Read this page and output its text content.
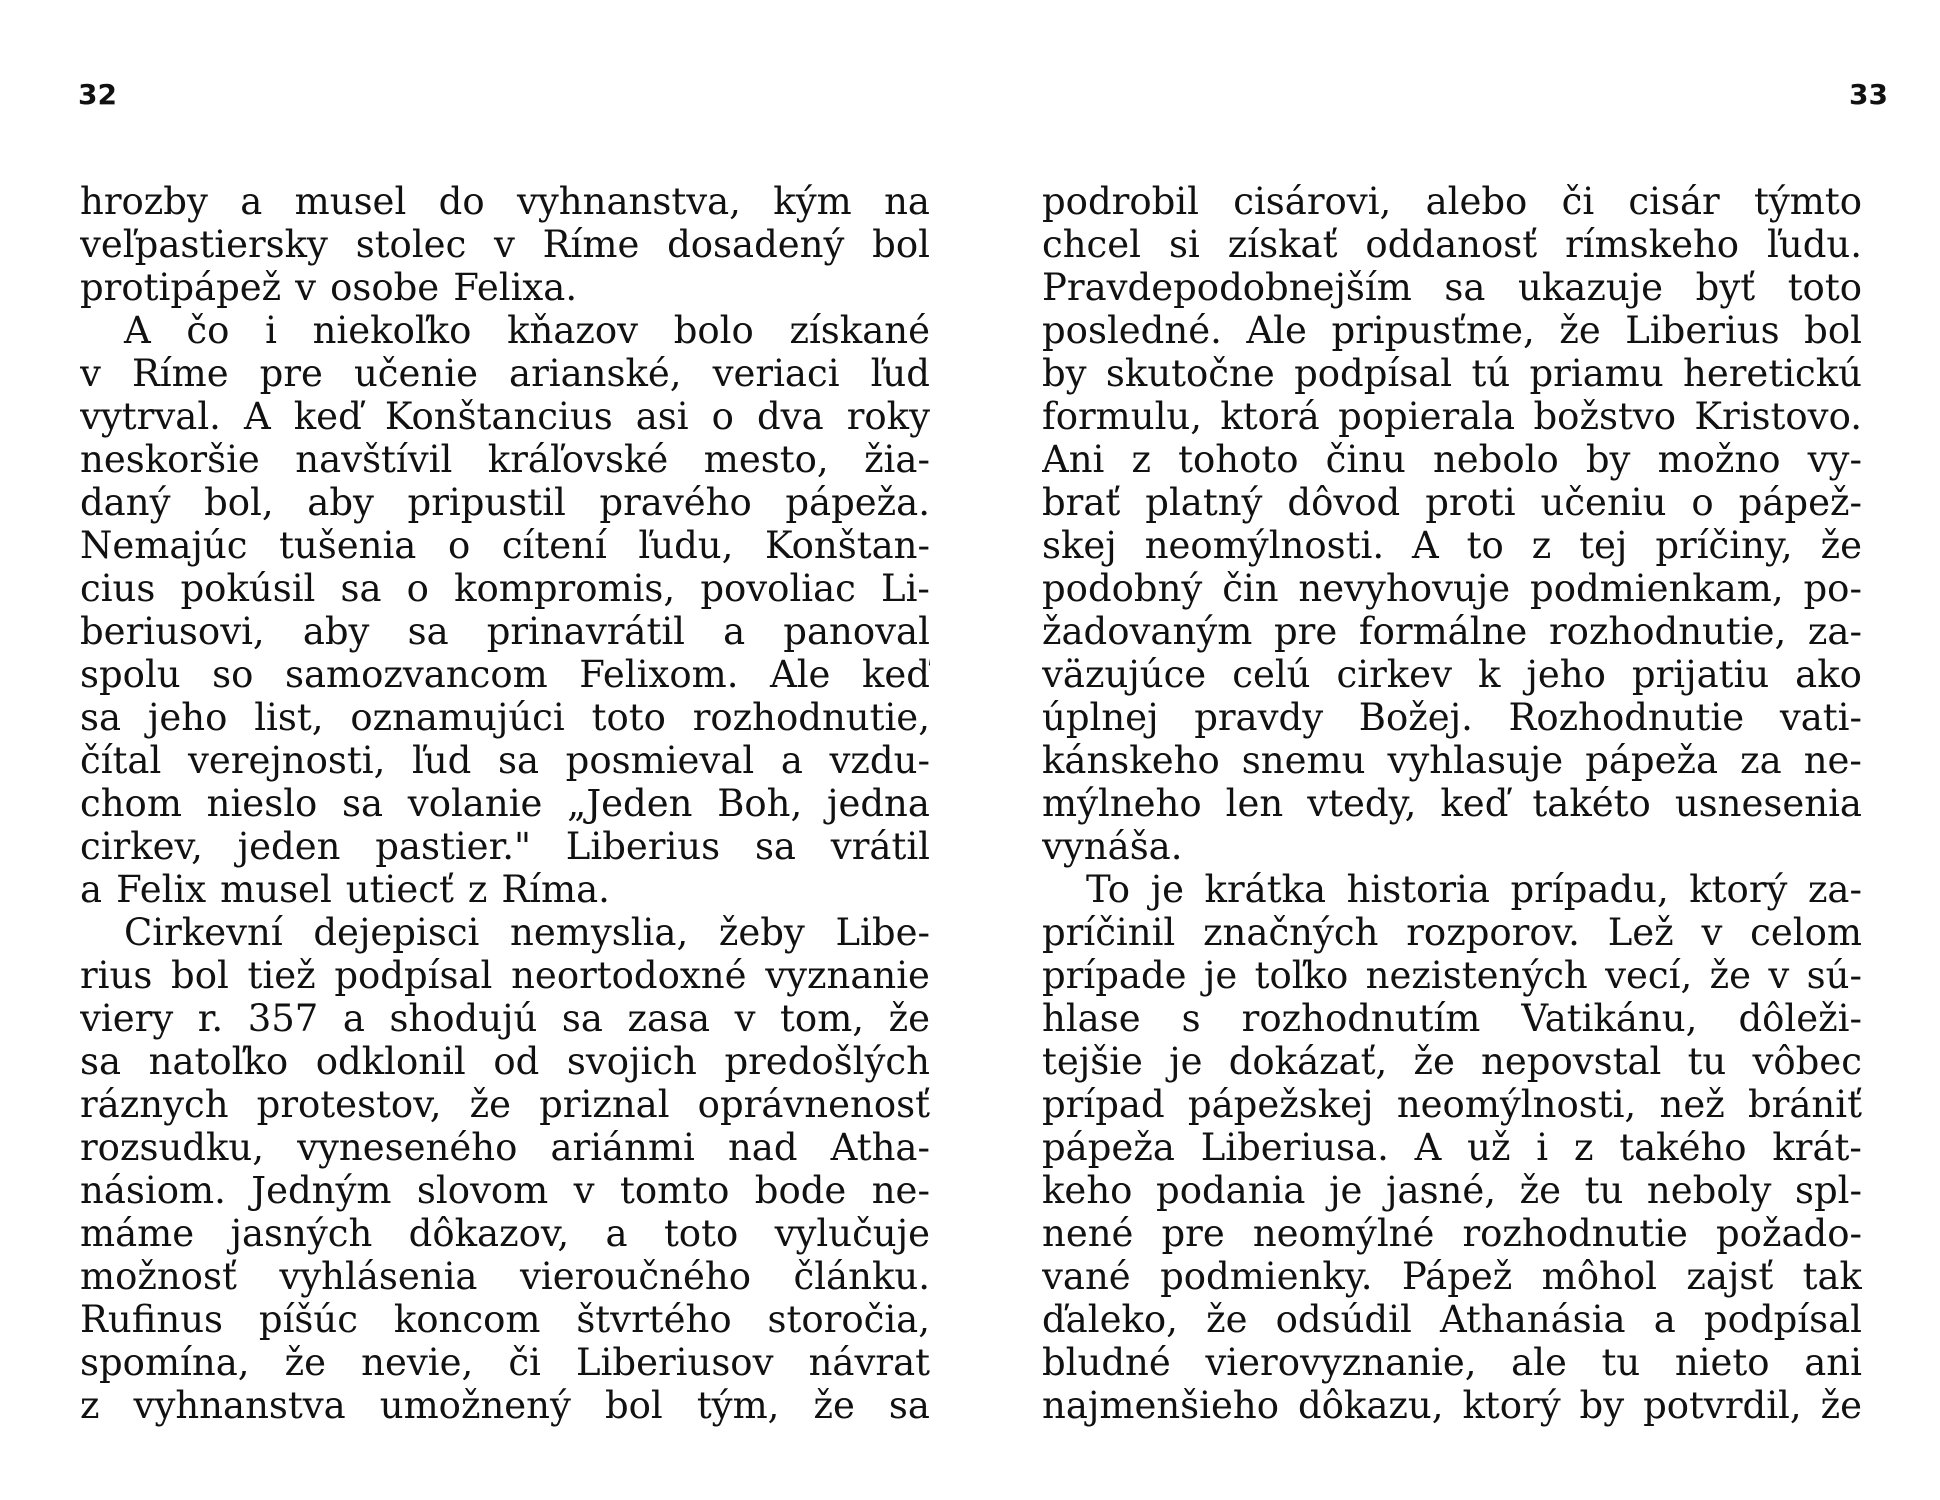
32
hrozby a musel do vyhnanstva, kým na
veľpastiersky stolec v Ríme dosadený bol
protipápež v osobe Felixa.
A čo i niekoľko kňazov bolo získané
v Ríme pre učenie arianské, veriaci ľud
vytrval. A keď Konštancius asi o dva roky
neskoršie navštívil kráľovské mesto, žia-
daný bol, aby pripustil pravého pápeža.
Nemajúc tušenia o cítení ľudu, Konštan-
cius pokúsil sa o kompromis, povoliac Li-
beriusovi, aby sa prinavrátil a panoval
spolu so samozvancom Felixom. Ale keď
sa jeho list, oznamujúci toto rozhodnutie,
čítal verejnosti, ľud sa posmieval a vzdu-
chom nieslo sa volanie „Jeden Boh, jedna
cirkev, jeden pastier." Liberius sa vrátil
a Felix musel utiecť z Ríma.
Cirkevní dejepisci nemyslia, žeby Libe-
rius bol tiež podpísal neortodoxné vyznanie
viery r. 357 a shodujú sa zasa v tom, že
sa natoľko odklonil od svojich predošlých
ráznych protestov, že priznal oprávnenosť
rozsudku, vyneseného ariánmi nad Atha-
násiom. Jedným slovom v tomto bode ne-
máme jasných dôkazov, a toto vylučuje
možnosť vyhlásenia vieroučného článku.
Rufinus píšúc koncom štvrtého storočia,
spomína, že nevie, či Liberiusov návrat
z vyhnanstva umožnený bol tým, že sa
33
podrobil cisárovi, alebo či cisár týmto
chcel si získať oddanosť rímskeho ľudu.
Pravdepodobnejším sa ukazuje byť toto
posledné. Ale pripusťme, že Liberius bol
by skutočne podpísal tú priamu heretickú
formulu, ktorá popierala božstvo Kristovo.
Ani z tohoto činu nebolo by možno vy-
brať platný dôvod proti učeniu o pápež-
skej neomýlnosti. A to z tej príčiny, že
podobný čin nevyhovuje podmienkam, po-
žadovaným pre formálne rozhodnutie, za-
väzujúce celú cirkev k jeho prijatiu ako
úplnej pravdy Božej. Rozhodnutie vati-
kánskeho snemu vyhlasuje pápeža za ne-
mýlneho len vtedy, keď takéto usnesenia
vynáša.
To je krátka historia prípadu, ktorý za-
príčinil značných rozporov. Lež v celom
prípade je toľko nezistených vecí, že v sú-
hlase s rozhodnutím Vatikánu, dôleži-
tejšie je dokázať, že nepovstal tu vôbec
prípad pápežskej neomýlnosti, než brániť
pápeža Liberiusa. A už i z takého krát-
keho podania je jasné, že tu neboly spl-
nené pre neomýlné rozhodnutie požado-
vané podmienky. Pápež môhol zajsť tak
ďaleko, že odsúdil Athanásia a podpísal
bludné vierovyznanie, ale tu nieto ani
najmenšieho dôkazu, ktorý by potvrdil, že
